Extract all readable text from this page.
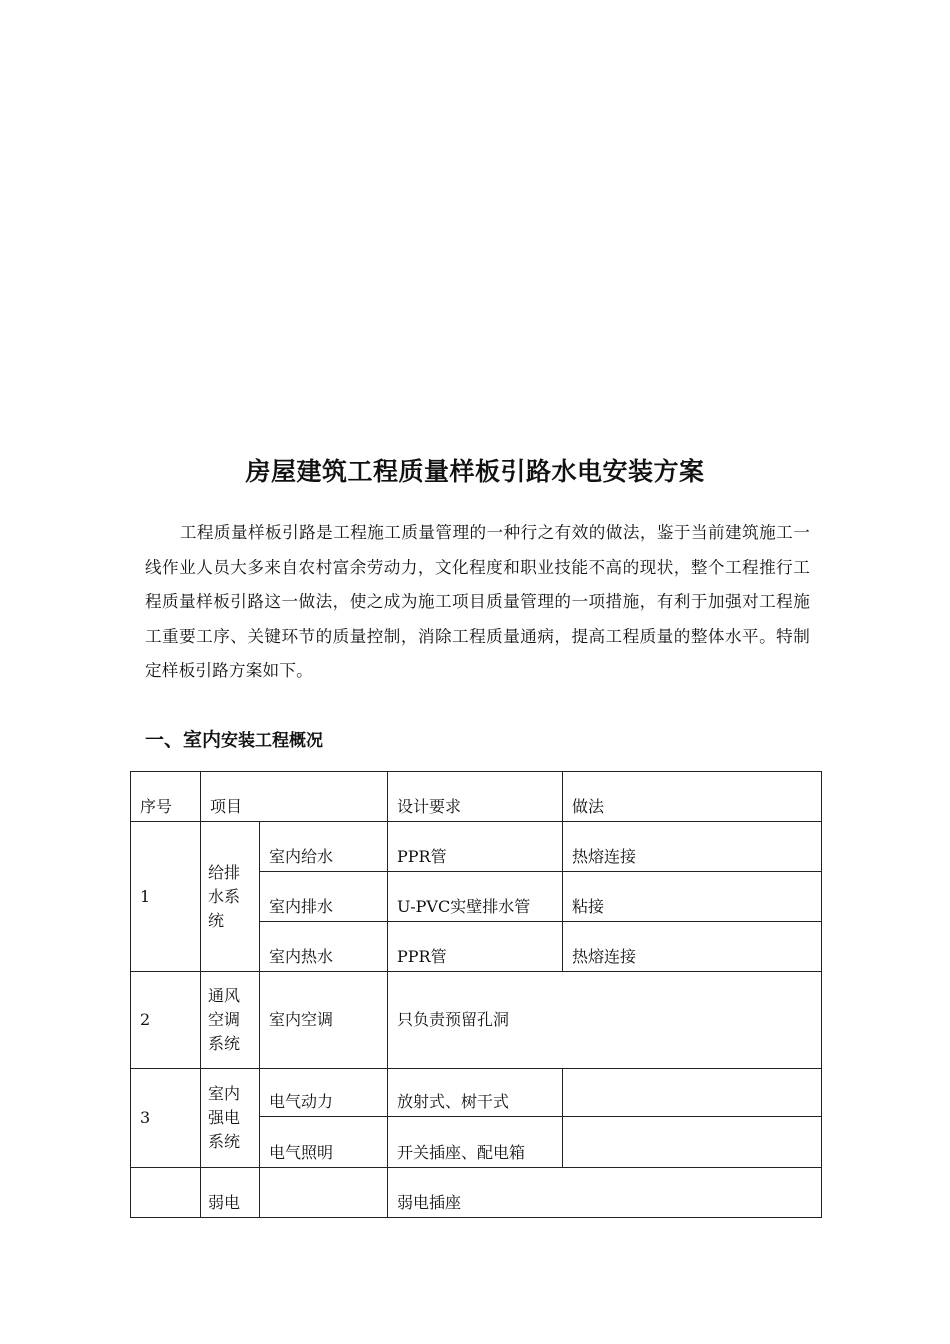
房屋建筑工程质量样板引路水电安装方案

工程质量样板引路是工程施工质量管理的一种行之有效的做法，鉴于当前建筑施工一线作业人员大多来自农村富余劳动力，文化程度和职业技能不高的现状，整个工程推行工程质量样板引路这一做法，使之成为施工项目质量管理的一项措施，有利于加强对工程施工重要工序、关键环节的质量控制，消除工程质量通病，提高工程质量的整体水平。特制定样板引路方案如下。

一、室内安装工程概况
序号	项目		设计要求	做法
1	给排水系统	室内给水	PPR管	热熔连接
		室内排水	U-PVC实壁排水管	粘接
		室内热水	PPR管	热熔连接
2	通风空调系统	室内空调	只负责预留孔洞	
3	室内强电系统	电气动力	放射式、树干式	
		电气照明	开关插座、配电箱	
	弱电		弱电插座	
